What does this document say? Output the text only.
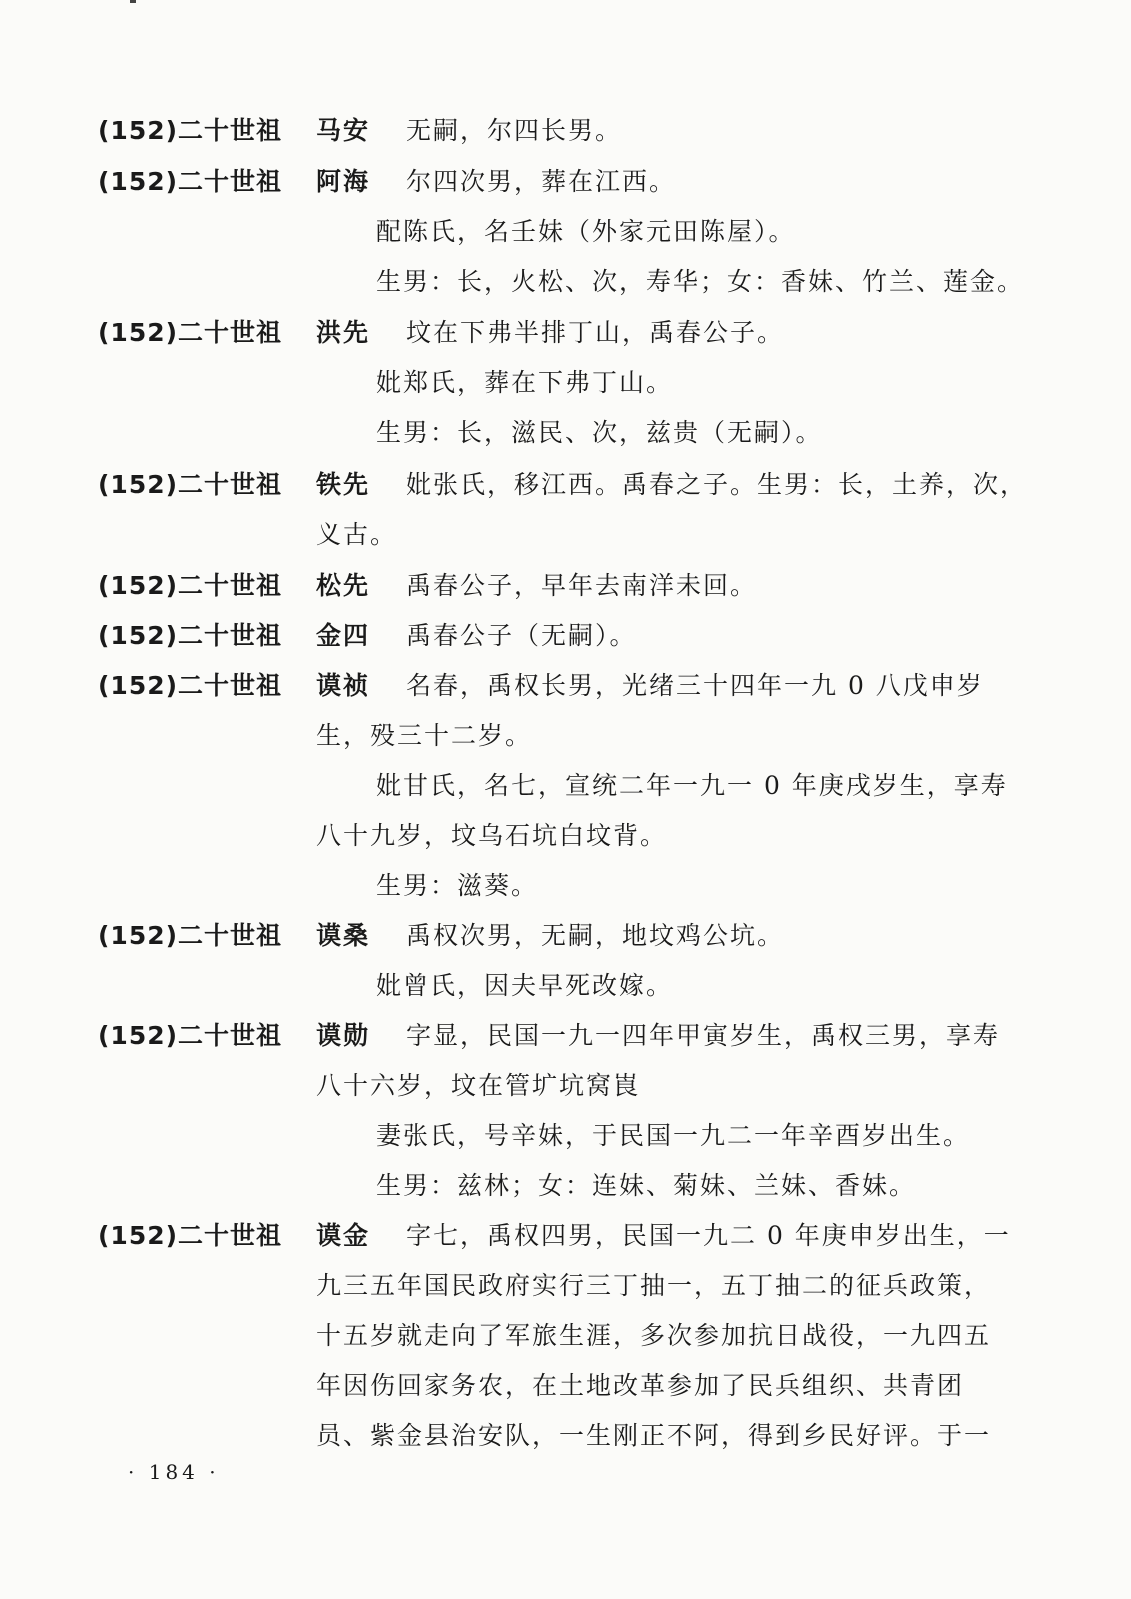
(152)二十世祖	马安	无嗣，尔四长男。
(152)二十世祖	阿海	尔四次男，葬在江西。
配陈氏，名壬妹（外家元田陈屋）。
生男：长，火松、次，寿华；女：香妹、竹兰、莲金。
(152)二十世祖	洪先	坟在下弗半排丁山，禹春公子。
妣郑氏，葬在下弗丁山。
生男：长，滋民、次，兹贵（无嗣）。
(152)二十世祖	铁先	妣张氏，移江西。禹春之子。生男：长，土养，次，
义古。
(152)二十世祖	松先	禹春公子，早年去南洋未回。
(152)二十世祖	金四	禹春公子（无嗣）。
(152)二十世祖	谟祯	名春，禹权长男，光绪三十四年一九 0 八戊申岁
生，殁三十二岁。
妣甘氏，名七，宣统二年一九一 0 年庚戌岁生，享寿
八十九岁，坟乌石坑白坟背。
生男：滋葵。
(152)二十世祖	谟桑	禹权次男，无嗣，地坟鸡公坑。
妣曾氏，因夫早死改嫁。
(152)二十世祖	谟勋	字显，民国一九一四年甲寅岁生，禹权三男，享寿
八十六岁，坟在管圹坑窝崀
妻张氏，号辛妹，于民国一九二一年辛酉岁出生。
生男：兹林；女：连妹、菊妹、兰妹、香妹。
(152)二十世祖	谟金	字七，禹权四男，民国一九二 0 年庚申岁出生，一
九三五年国民政府实行三丁抽一，五丁抽二的征兵政策，
十五岁就走向了军旅生涯，多次参加抗日战役，一九四五
年因伤回家务农，在土地改革参加了民兵组织、共青团
员、紫金县治安队，一生刚正不阿，得到乡民好评。于一
· 184 ·
